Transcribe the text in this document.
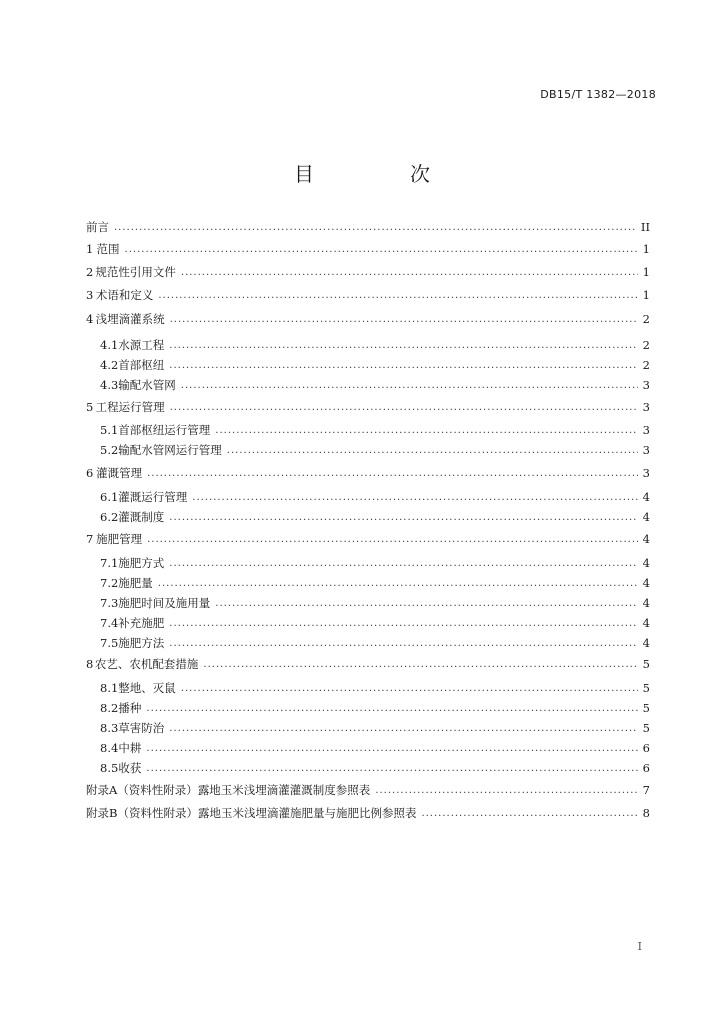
DB15/T 1382—2018
目　次
前言 .....	II
1 范围 .....	1
2 规范性引用文件 .....	1
3 术语和定义 .....	1
4 浅埋滴灌系统 .....	2
4.1 水源工程 .....	2
4.2 首部枢纽 .....	2
4.3 输配水管网 .....	3
5 工程运行管理 .....	3
5.1 首部枢纽运行管理 .....	3
5.2 输配水管网运行管理 .....	3
6 灌溉管理 .....	3
6.1 灌溉运行管理 .....	4
6.2 灌溉制度 .....	4
7 施肥管理 .....	4
7.1 施肥方式 .....	4
7.2 施肥量 .....	4
7.3 施肥时间及施用量 .....	4
7.4 补充施肥 .....	4
7.5 施肥方法 .....	4
8 农艺、农机配套措施 .....	5
8.1 整地、灭鼠 .....	5
8.2 播种 .....	5
8.3 草害防治 .....	5
8.4 中耕 .....	6
8.5 收获 .....	6
附录A（资料性附录） 露地玉米浅埋滴灌灌溉制度参照表 .....	7
附录B（资料性附录） 露地玉米浅埋滴灌施肥量与施肥比例参照表 .....	8
I
